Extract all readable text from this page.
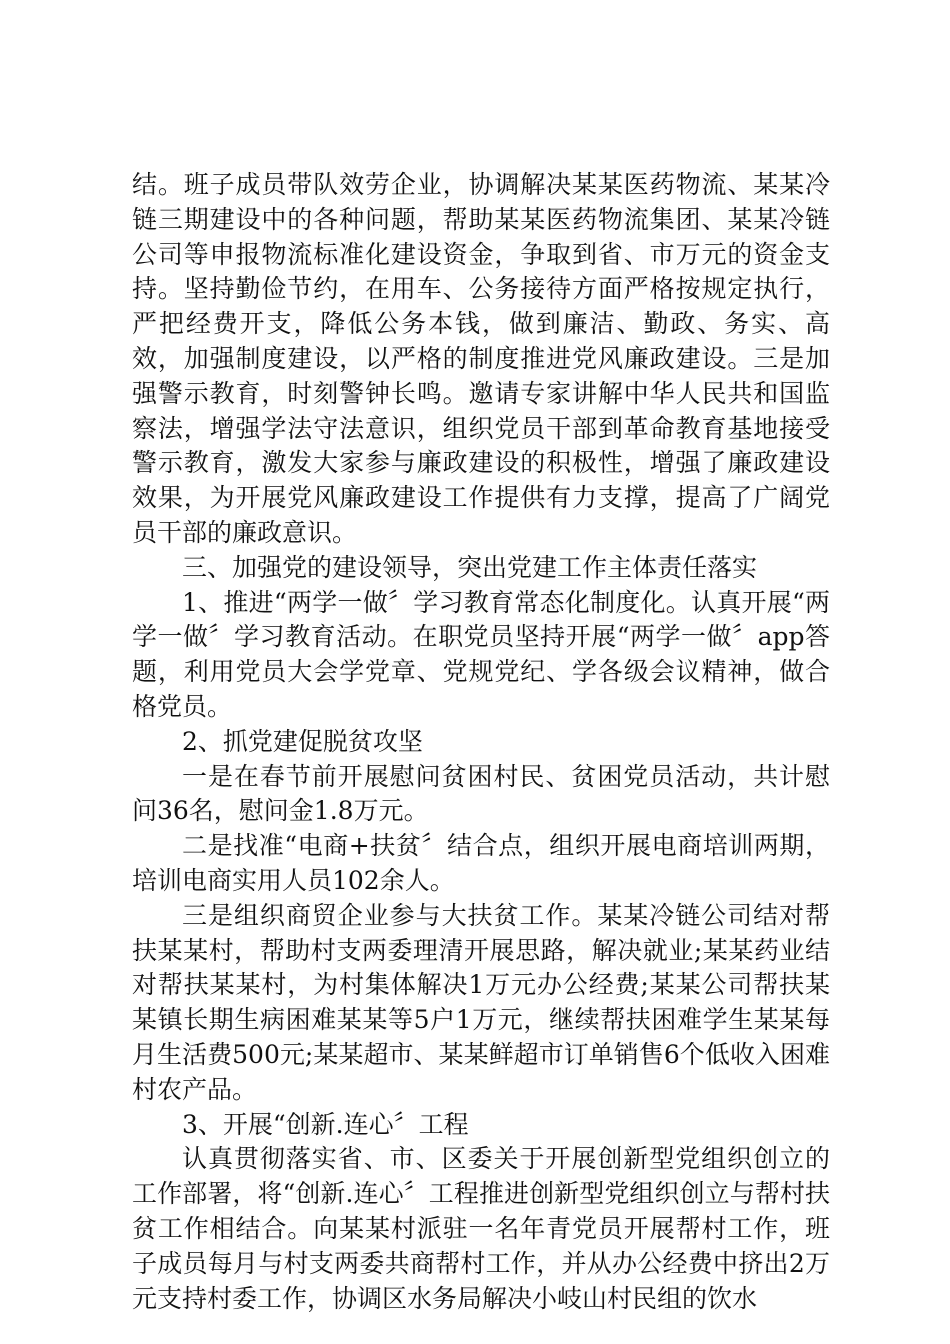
结。班子成员带队效劳企业，协调解决某某医药物流、某某冷链三期建设中的各种问题，帮助某某医药物流集团、某某冷链公司等申报物流标准化建设资金，争取到省、市万元的资金支持。坚持勤俭节约，在用车、公务接待方面严格按规定执行，严把经费开支，降低公务本钱，做到廉洁、勤政、务实、高效，加强制度建设，以严格的制度推进党风廉政建设。三是加强警示教育，时刻警钟长鸣。邀请专家讲解中华人民共和国监察法，增强学法守法意识，组织党员干部到革命教育基地接受警示教育，激发大家参与廉政建设的积极性，增强了廉政建设效果，为开展党风廉政建设工作提供有力支撑，提高了广阔党员干部的廉政意识。

三、加强党的建设领导，突出党建工作主体责任落实

1、推进“两学一做〞学习教育常态化制度化。认真开展“两学一做〞学习教育活动。在职党员坚持开展“两学一做〞app答题，利用党员大会学党章、党规党纪、学各级会议精神，做合格党员。

2、抓党建促脱贫攻坚

一是在春节前开展慰问贫困村民、贫困党员活动，共计慰问36名，慰问金1.8万元。

二是找准“电商+扶贫〞结合点，组织开展电商培训两期，培训电商实用人员102余人。

三是组织商贸企业参与大扶贫工作。某某冷链公司结对帮扶某某村，帮助村支两委理清开展思路，解决就业;某某药业结对帮扶某某村，为村集体解决1万元办公经费;某某公司帮扶某某镇长期生病困难某某等5户1万元，继续帮扶困难学生某某每月生活费500元;某某超市、某某鲜超市订单销售6个低收入困难村农产品。

3、开展“创新.连心〞工程

认真贯彻落实省、市、区委关于开展创新型党组织创立的工作部署，将“创新.连心〞工程推进创新型党组织创立与帮村扶贫工作相结合。向某某村派驻一名年青党员开展帮村工作，班子成员每月与村支两委共商帮村工作，并从办公经费中挤出2万元支持村委工作，协调区水务局解决小岐山村民组的饮水
